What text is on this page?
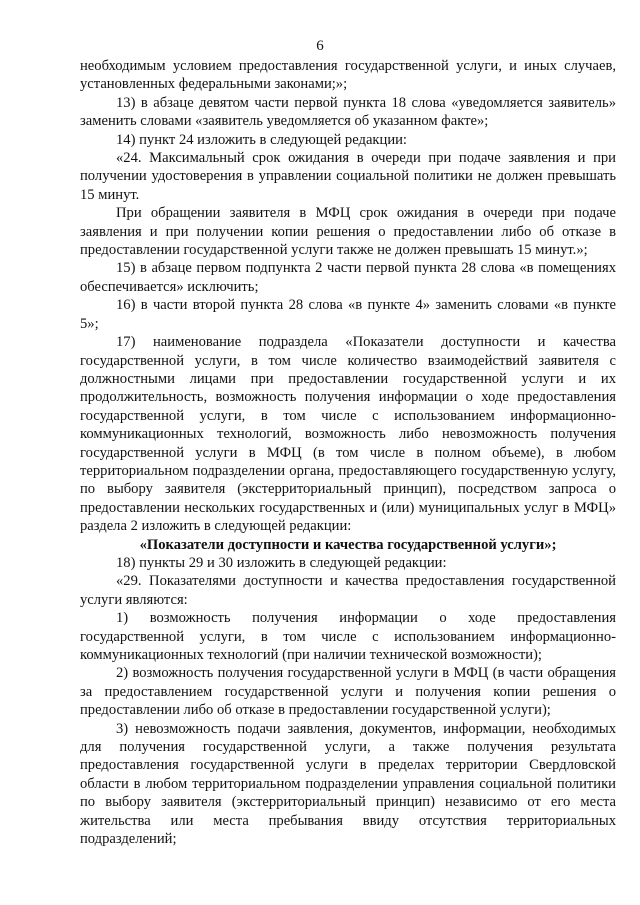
6

необходимым условием предоставления государственной услуги, и иных случаев, установленных федеральными законами;»;

13) в абзаце девятом части первой пункта 18 слова «уведомляется заявитель» заменить словами «заявитель уведомляется об указанном факте»;

14) пункт 24 изложить в следующей редакции:

«24. Максимальный срок ожидания в очереди при подаче заявления и при получении удостоверения в управлении социальной политики не должен превышать 15 минут.

При обращении заявителя в МФЦ срок ожидания в очереди при подаче заявления и при получении копии решения о предоставлении либо об отказе в предоставлении государственной услуги также не должен превышать 15 минут.»;

15) в абзаце первом подпункта 2 части первой пункта 28 слова «в помещениях обеспечивается» исключить;

16) в части второй пункта 28 слова «в пункте 4» заменить словами «в пункте 5»;

17) наименование подраздела «Показатели доступности и качества государственной услуги, в том числе количество взаимодействий заявителя с должностными лицами при предоставлении государственной услуги и их продолжительность, возможность получения информации о ходе предоставления государственной услуги, в том числе с использованием информационно-коммуникационных технологий, возможность либо невозможность получения государственной услуги в МФЦ (в том числе в полном объеме), в любом территориальном подразделении органа, предоставляющего государственную услугу, по выбору заявителя (экстерриториальный принцип), посредством запроса о предоставлении нескольких государственных и (или) муниципальных услуг в МФЦ» раздела 2 изложить в следующей редакции:

«Показатели доступности и качества государственной услуги»;

18) пункты 29 и 30 изложить в следующей редакции:

«29. Показателями доступности и качества предоставления государственной услуги являются:

1) возможность получения информации о ходе предоставления государственной услуги, в том числе с использованием информационно-коммуникационных технологий (при наличии технической возможности);

2) возможность получения государственной услуги в МФЦ (в части обращения за предоставлением государственной услуги и получения копии решения о предоставлении либо об отказе в предоставлении государственной услуги);

3) невозможность подачи заявления, документов, информации, необходимых для получения государственной услуги, а также получения результата предоставления государственной услуги в пределах территории Свердловской области в любом территориальном подразделении управления социальной политики по выбору заявителя (экстерриториальный принцип) независимо от его места жительства или места пребывания ввиду отсутствия территориальных подразделений;
